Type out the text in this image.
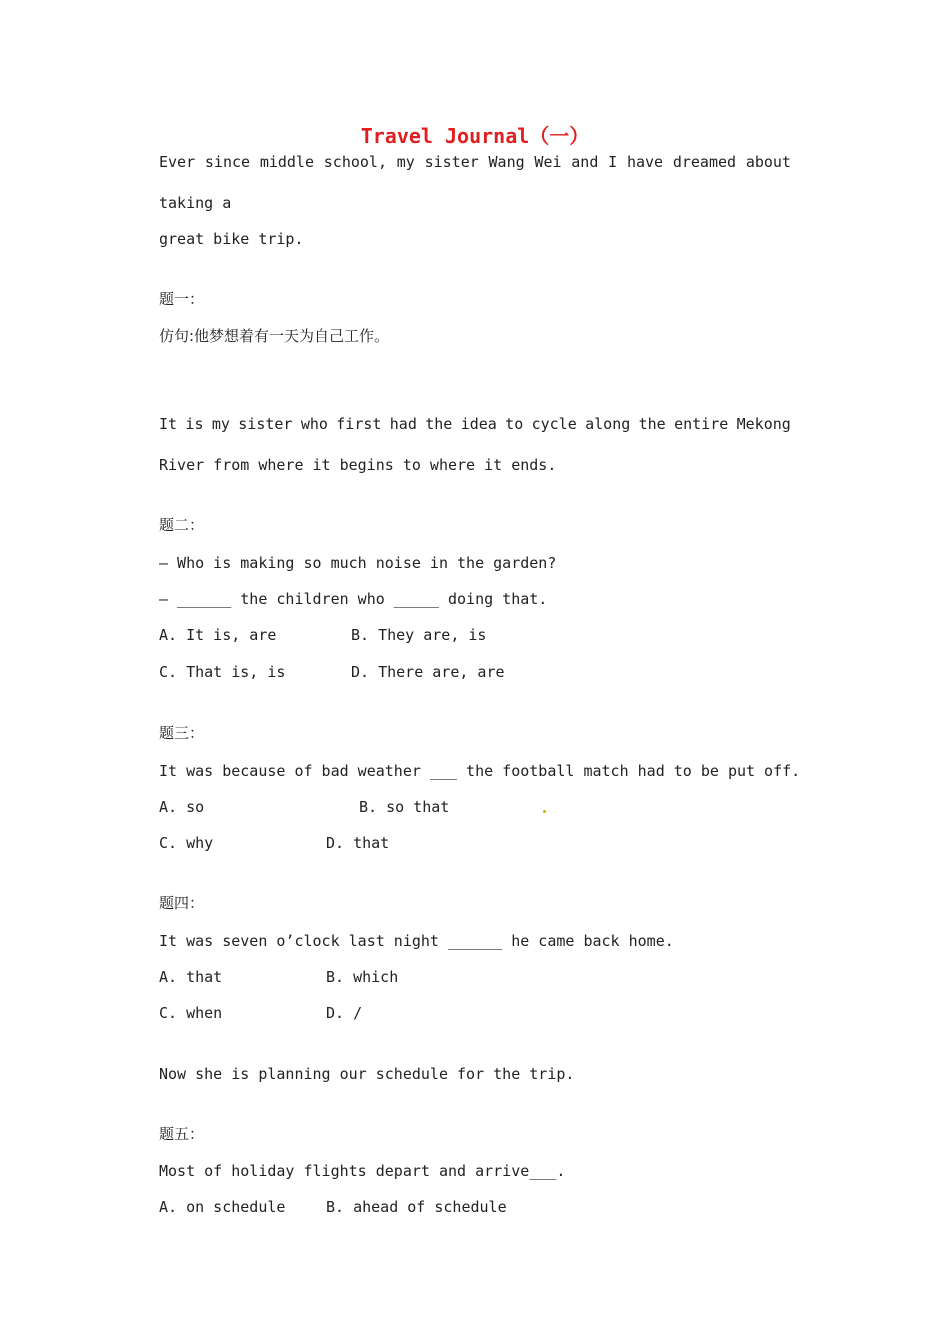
Travel Journal（一）
Ever since middle school, my sister Wang Wei and I have dreamed about
taking a
great bike trip.
题一：
仿句:他梦想着有一天为自己工作。
It is my sister who first had the idea to cycle along the entire Mekong
River from where it begins to where it ends.
题二：
— Who is making so much noise in the garden?
— ______ the children who _____ doing that.
A. It is, are	B. They are, is
C. That is, is	D. There are, are
题三：
It was because of bad weather ___ the football match had to be put off.
A. so	B. so that
C. why	D. that
题四：
It was seven o’clock last night ______ he came back home.
A. that	B. which
C. when	D. /
Now she is planning our schedule for the trip.
题五：
Most of holiday flights depart and arrive___.
A. on schedule	B. ahead of schedule
